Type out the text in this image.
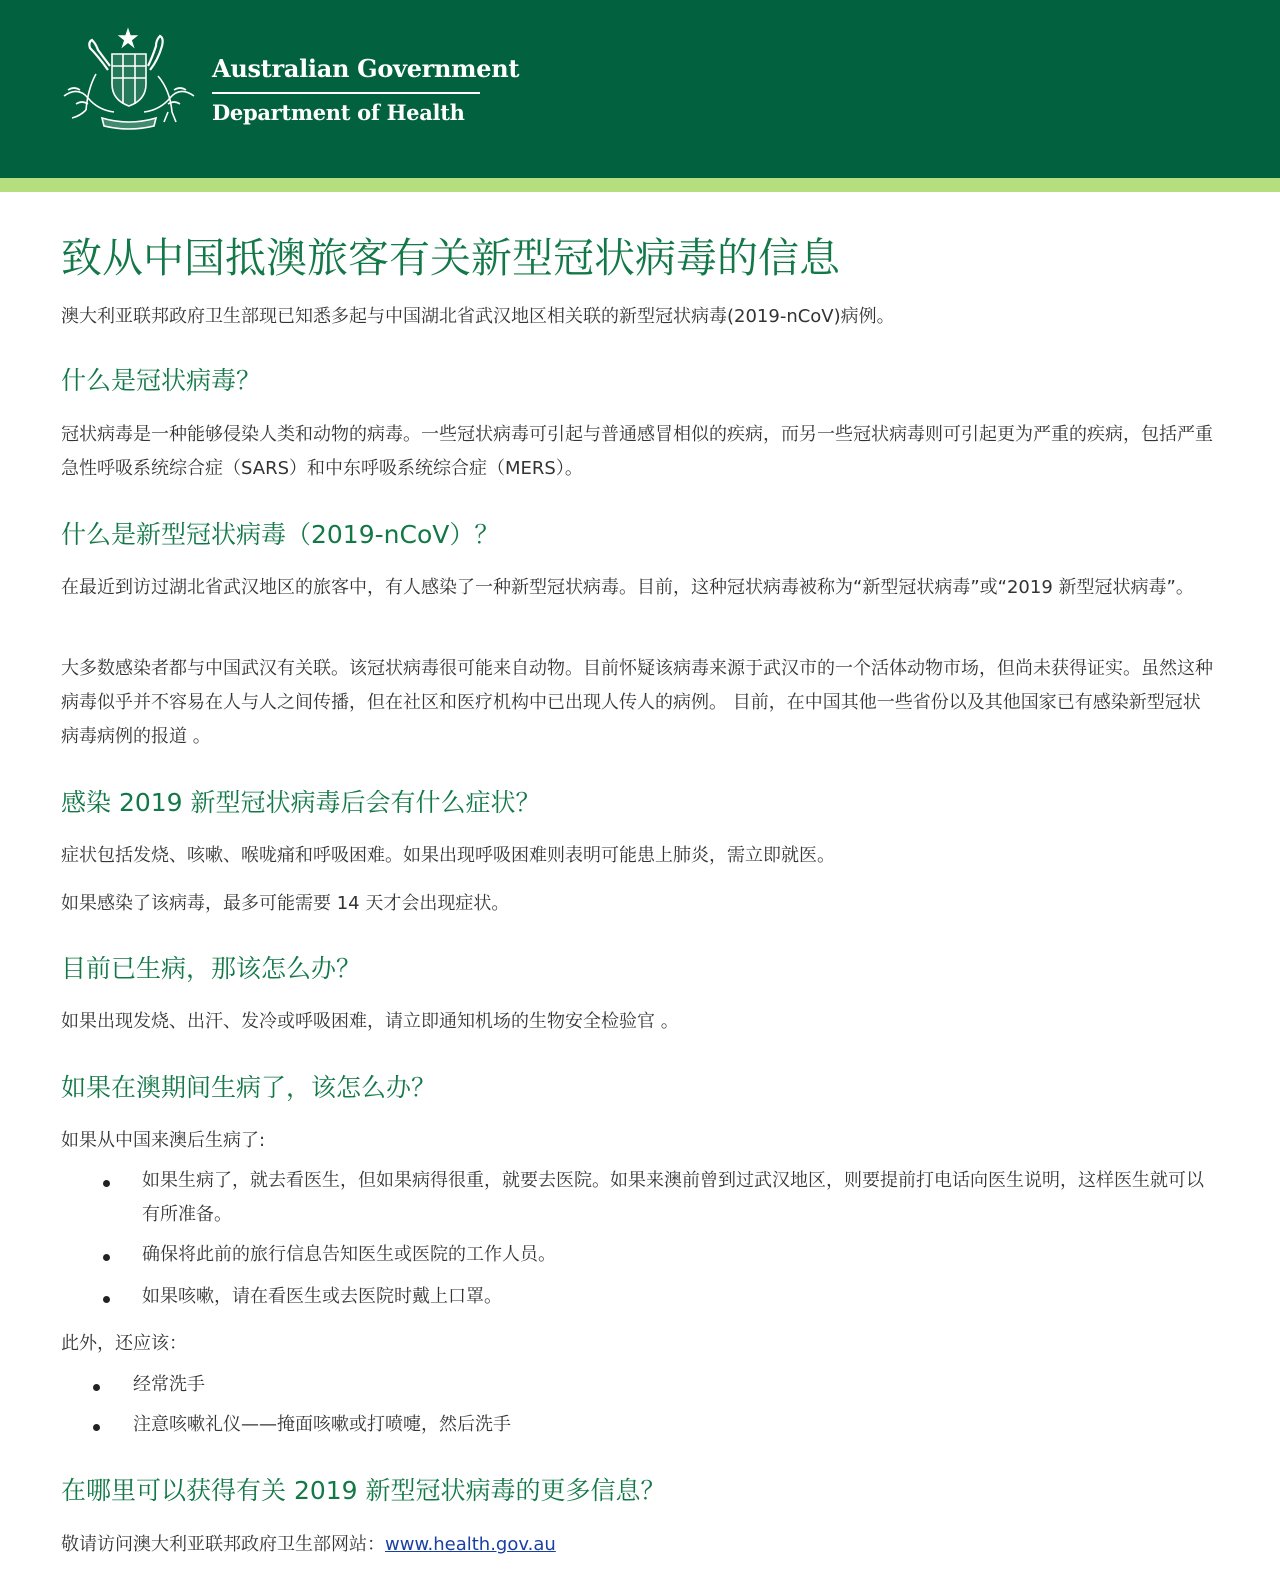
Australian Government
Department of Health
致从中国抵澳旅客有关新型冠状病毒的信息

澳大利亚联邦政府卫生部现已知悉多起与中国湖北省武汉地区相关联的新型冠状病毒(2019-nCoV)病例。

什么是冠状病毒？

冠状病毒是一种能够侵染人类和动物的病毒。一些冠状病毒可引起与普通感冒相似的疾病，而另一些冠状病毒则可引起更为严重的疾病，包括严重急性呼吸系统综合症（SARS）和中东呼吸系统综合症（MERS）。

什么是新型冠状病毒（2019-nCoV）？

在最近到访过湖北省武汉地区的旅客中，有人感染了一种新型冠状病毒。目前，这种冠状病毒被称为“新型冠状病毒”或“2019 新型冠状病毒”。

大多数感染者都与中国武汉有关联。该冠状病毒很可能来自动物。目前怀疑该病毒来源于武汉市的一个活体动物市场，但尚未获得证实。虽然这种病毒似乎并不容易在人与人之间传播，但在社区和医疗机构中已出现人传人的病例。 目前，在中国其他一些省份以及其他国家已有感染新型冠状病毒病例的报道 。

感染 2019 新型冠状病毒后会有什么症状？

症状包括发烧、咳嗽、喉咙痛和呼吸困难。如果出现呼吸困难则表明可能患上肺炎，需立即就医。

如果感染了该病毒，最多可能需要 14 天才会出现症状。

目前已生病，那该怎么办？

如果出现发烧、出汗、发冷或呼吸困难，请立即通知机场的生物安全检验官 。

如果在澳期间生病了，该怎么办？

如果从中国来澳后生病了:

如果生病了，就去看医生，但如果病得很重，就要去医院。如果来澳前曾到过武汉地区，则要提前打电话向医生说明，这样医生就可以有所准备。
确保将此前的旅行信息告知医生或医院的工作人员。
如果咳嗽，请在看医生或去医院时戴上口罩。

此外，还应该：

经常洗手
注意咳嗽礼仪——掩面咳嗽或打喷嚏，然后洗手
在哪里可以获得有关 2019 新型冠状病毒的更多信息？

敬请访问澳大利亚联邦政府卫生部网站：www.health.gov.au
